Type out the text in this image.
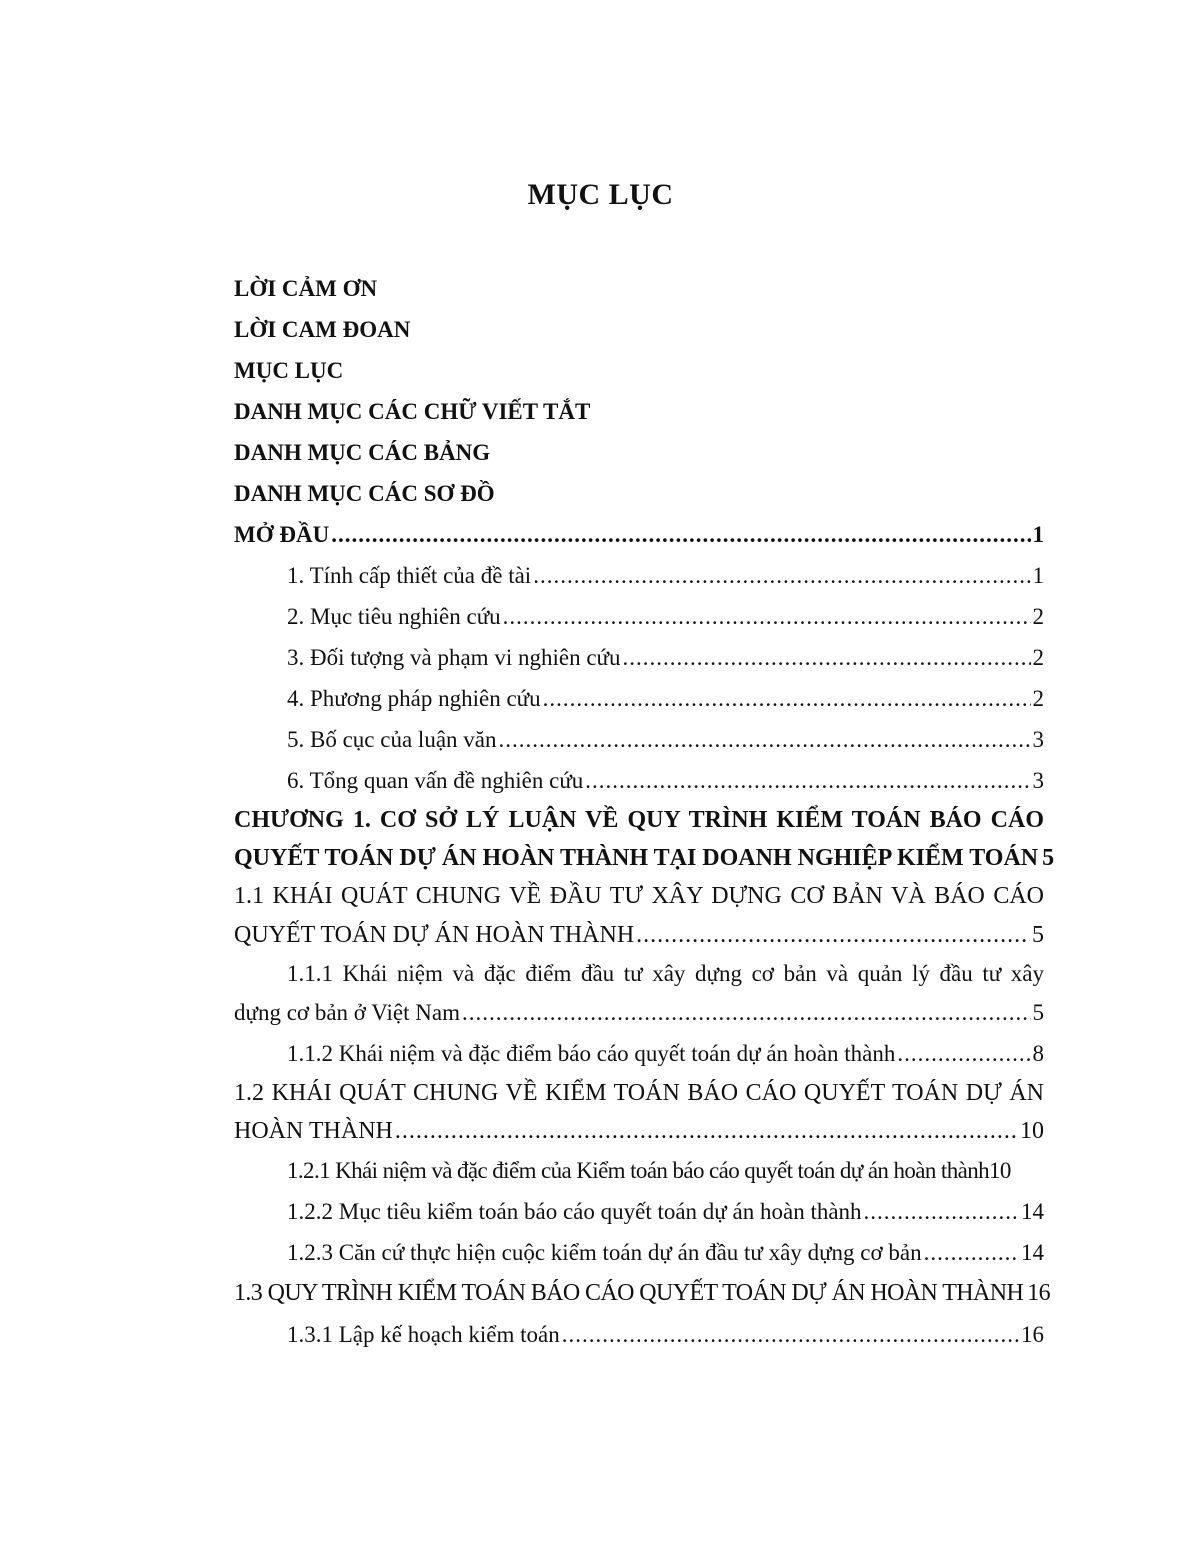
MỤC LỤC
LỜI CẢM ƠN
LỜI CAM ĐOAN
MỤC LỤC
DANH MỤC CÁC CHỮ VIẾT TẮT
DANH MỤC CÁC BẢNG
DANH MỤC CÁC SƠ ĐỒ
MỞ ĐẦU .....	1
1. Tính cấp thiết của đề tài .....	1
2. Mục tiêu nghiên cứu .....	2
3. Đối tượng và phạm vi nghiên cứu .....	2
4. Phương pháp nghiên cứu .....	2
5. Bố cục của luận văn .....	3
6. Tổng quan vấn đề nghiên cứu .....	3
CHƯƠNG 1. CƠ SỞ LÝ LUẬN VỀ QUY TRÌNH KIỂM TOÁN BÁO CÁO
QUYẾT TOÁN DỰ ÁN HOÀN THÀNH TẠI DOANH NGHIỆP KIỂM TOÁN 5
1.1 KHÁI QUÁT CHUNG VỀ ĐẦU TƯ XÂY DỰNG CƠ BẢN VÀ BÁO CÁO
QUYẾT TOÁN DỰ ÁN HOÀN THÀNH .....	5
1.1.1 Khái niệm và đặc điểm đầu tư xây dựng cơ bản và quản lý đầu tư xây
dựng cơ bản ở Việt Nam .....	5
1.1.2 Khái niệm và đặc điểm báo cáo quyết toán dự án hoàn thành .....	8
1.2 KHÁI QUÁT CHUNG VỀ KIỂM TOÁN BÁO CÁO QUYẾT TOÁN DỰ ÁN
HOÀN THÀNH .....	10
1.2.1 Khái niệm và đặc điểm của Kiểm toán báo cáo quyết toán dự án hoàn thành 10
1.2.2 Mục tiêu kiểm toán báo cáo quyết toán dự án hoàn thành .....	14
1.2.3 Căn cứ thực hiện cuộc kiểm toán dự án đầu tư xây dựng cơ bản .....	14
1.3 QUY TRÌNH KIỂM TOÁN BÁO CÁO QUYẾT TOÁN DỰ ÁN HOÀN THÀNH 16
1.3.1 Lập kế hoạch kiểm toán .....	16
